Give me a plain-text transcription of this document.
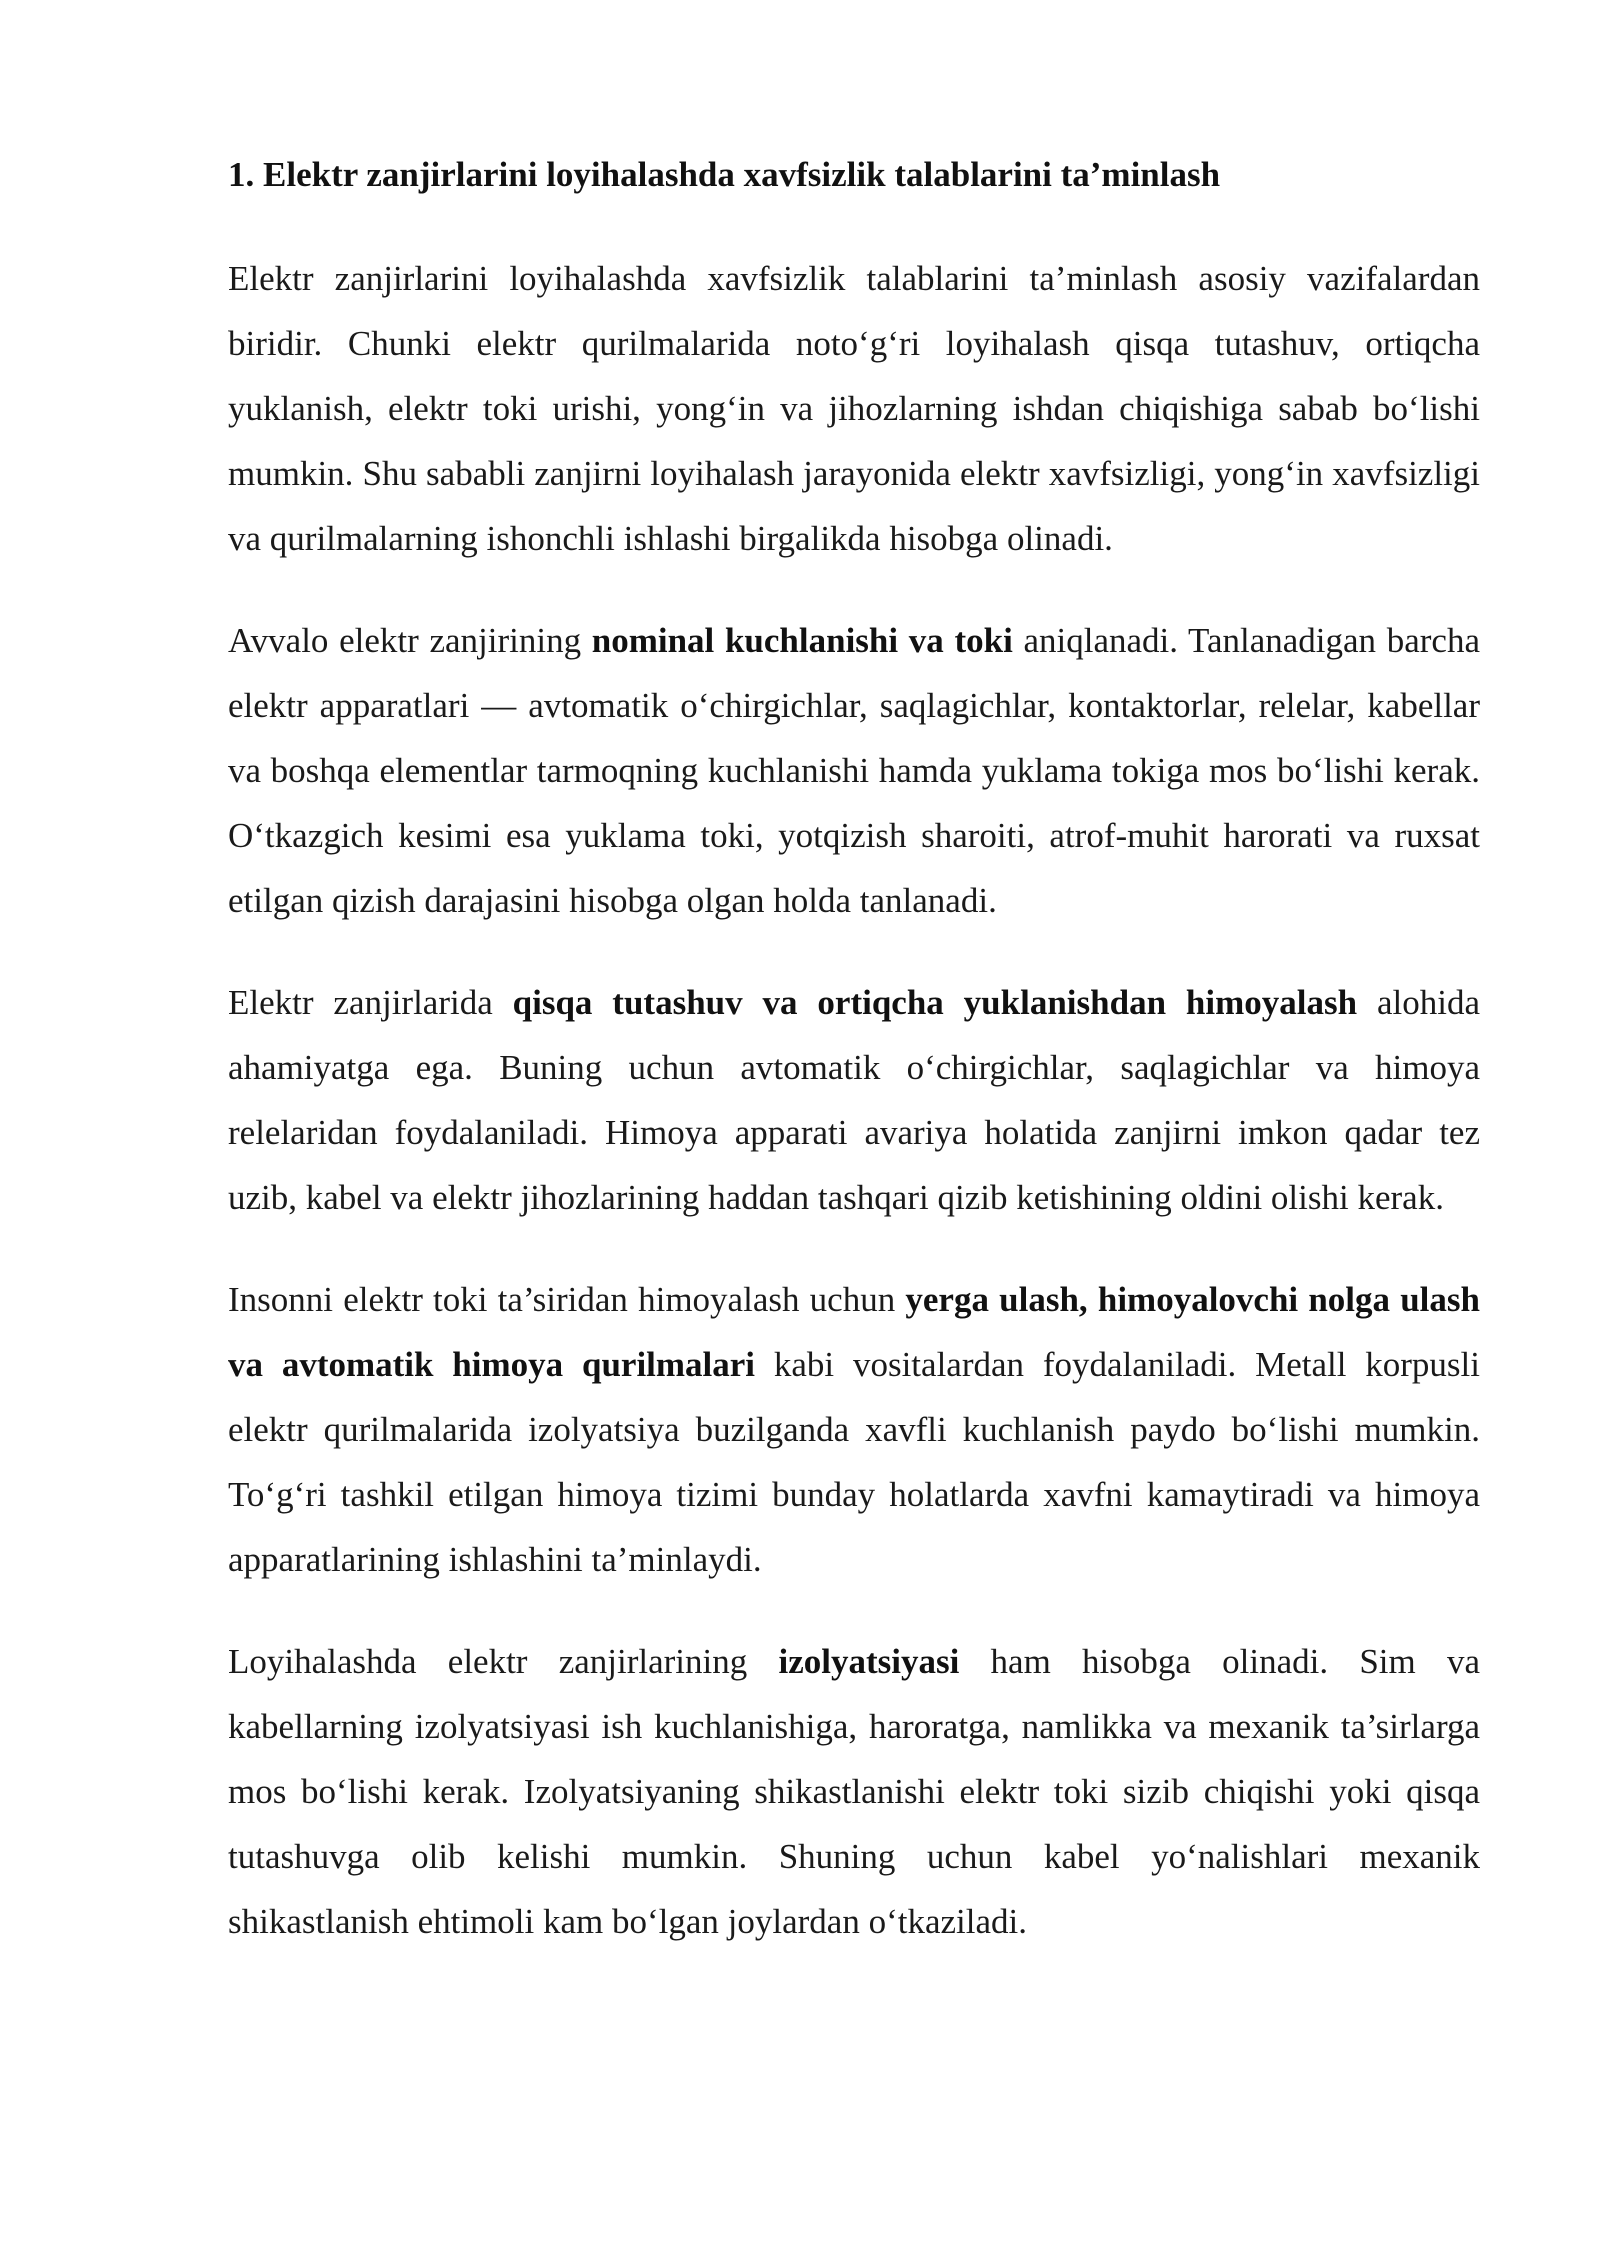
1. Elektr zanjirlarini loyihalashda xavfsizlik talablarini ta’minlash

Elektr zanjirlarini loyihalashda xavfsizlik talablarini ta’minlash asosiy vazifalardan biridir. Chunki elektr qurilmalarida noto‘g‘ri loyihalash qisqa tutashuv, ortiqcha yuklanish, elektr toki urishi, yong‘in va jihozlarning ishdan chiqishiga sabab bo‘lishi mumkin. Shu sababli zanjirni loyihalash jarayonida elektr xavfsizligi, yong‘in xavfsizligi va qurilmalarning ishonchli ishlashi birgalikda hisobga olinadi.

Avvalo elektr zanjirining nominal kuchlanishi va toki aniqlanadi. Tanlanadigan barcha elektr apparatlari — avtomatik o‘chirgichlar, saqlagichlar, kontaktorlar, relelar, kabellar va boshqa elementlar tarmoqning kuchlanishi hamda yuklama tokiga mos bo‘lishi kerak. O‘tkazgich kesimi esa yuklama toki, yotqizish sharoiti, atrof-muhit harorati va ruxsat etilgan qizish darajasini hisobga olgan holda tanlanadi.

Elektr zanjirlarida qisqa tutashuv va ortiqcha yuklanishdan himoyalash alohida ahamiyatga ega. Buning uchun avtomatik o‘chirgichlar, saqlagichlar va himoya relelaridan foydalaniladi. Himoya apparati avariya holatida zanjirni imkon qadar tez uzib, kabel va elektr jihozlarining haddan tashqari qizib ketishining oldini olishi kerak.

Insonni elektr toki ta’siridan himoyalash uchun yerga ulash, himoyalovchi nolga ulash va avtomatik himoya qurilmalari kabi vositalardan foydalaniladi. Metall korpusli elektr qurilmalarida izolyatsiya buzilganda xavfli kuchlanish paydo bo‘lishi mumkin. To‘g‘ri tashkil etilgan himoya tizimi bunday holatlarda xavfni kamaytiradi va himoya apparatlarining ishlashini ta’minlaydi.

Loyihalashda elektr zanjirlarining izolyatsiyasi ham hisobga olinadi. Sim va kabellarning izolyatsiyasi ish kuchlanishiga, haroratga, namlikka va mexanik ta’sirlarga mos bo‘lishi kerak. Izolyatsiyaning shikastlanishi elektr toki sizib chiqishi yoki qisqa tutashuvga olib kelishi mumkin. Shuning uchun kabel yo‘nalishlari mexanik shikastlanish ehtimoli kam bo‘lgan joylardan o‘tkaziladi.
